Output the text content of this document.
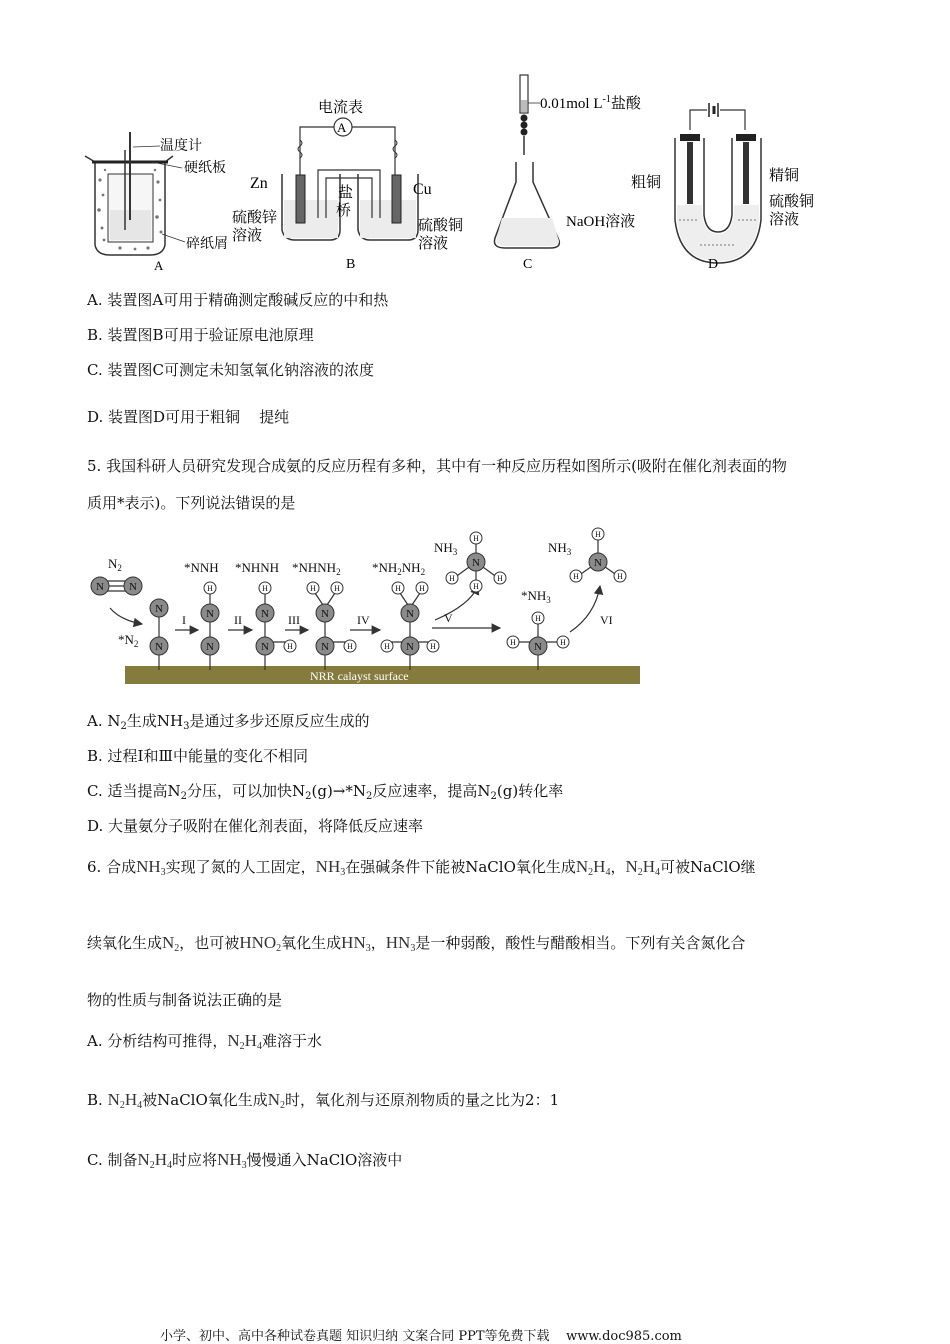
温度计
硬纸板
碎纸屑
A
电流表
A
盐
桥
Zn	Cu
硫酸锌
溶液
硫酸铜
溶液
B
0.01mol $L^{-1}$盐酸
NaOH溶液
C
粗铜	精铜
硫酸铜
溶液
D
A. 装置图A可用于精确测定酸碱反应的中和热
B. 装置图B可用于验证原电池原理
C. 装置图C可测定未知氢氧化钠溶液的浓度
D. 装置图D可用于粗铜    提纯
5. 我国科研人员研究发现合成氨的反应历程有多种，其中有一种反应历程如图所示(吸附在催化剂表面的物
质用*表示)。下列说法错误的是
NRR calayst surface
N N
N
N
N
N
N
N
N
N
N
N
N
N
N
H	H
H
H H
H
H H
H	H
H
H
H
H
H	H
H
H
H	H
$N_2$
$*N_2$
*NNH *NHNH $*NHNH_2$ $*NH_2NH_2$
$NH_3$
$*NH_3$
$NH_3$
I	II	III	IV	V	VI
A. $N_2$生成$NH_3$是通过多步还原反应生成的
B. 过程Ⅰ和Ⅲ中能量的变化不相同
C. 适当提高$N_2$分压，可以加快$N_2(g)\to*N_2$反应速率，提高$N_2(g)$转化率
D. 大量氨分子吸附在催化剂表面，将降低反应速率
6. 合成$NH_3$实现了氮的人工固定，$NH_3$在强碱条件下能被NaClO氧化生成$N_2H_4$，$N_2H_4$可被NaClO继
续氧化生成$N_2$，也可被$HNO_2$氧化生成$HN_3$，$HN_3$是一种弱酸，酸性与醋酸相当。下列有关含氮化合
物的性质与制备说法正确的是
A. 分析结构可推得，$N_2H_4$难溶于水
B. $N_2H_4$被NaClO氧化生成$N_2$时，氧化剂与还原剂物质的量之比为2：1
C. 制备$N_2H_4$时应将$NH_3$慢慢通入NaClO溶液中
小学、初中、高中各种试卷真题 知识归纳 文案合同 PPT等免费下载    www.doc985.com
